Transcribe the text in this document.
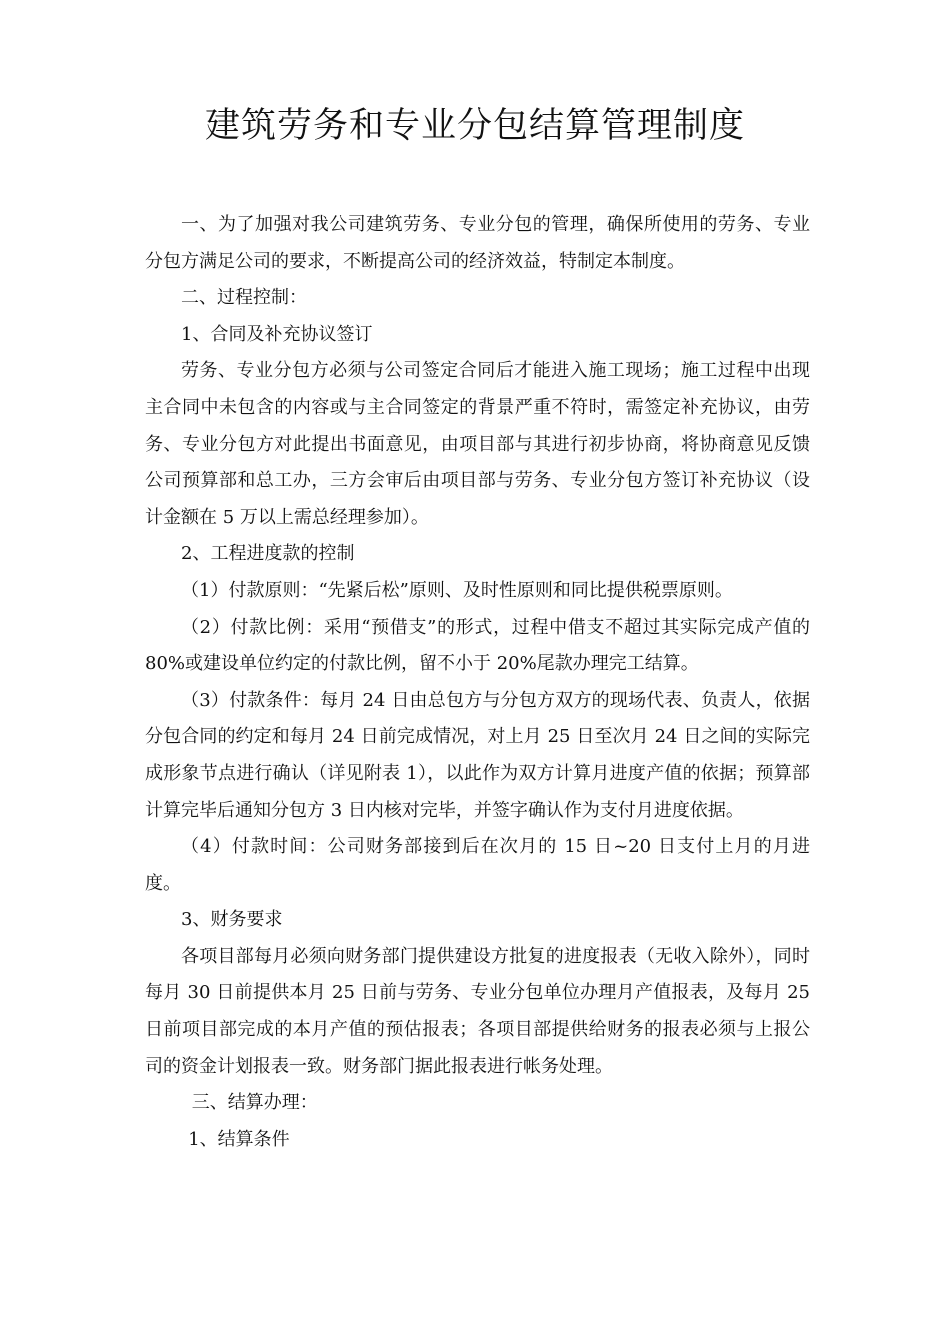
建筑劳务和专业分包结算管理制度

一、为了加强对我公司建筑劳务、专业分包的管理，确保所使用的劳务、专业分包方满足公司的要求，不断提高公司的经济效益，特制定本制度。

二、过程控制：

1、合同及补充协议签订

劳务、专业分包方必须与公司签定合同后才能进入施工现场；施工过程中出现主合同中未包含的内容或与主合同签定的背景严重不符时，需签定补充协议，由劳务、专业分包方对此提出书面意见，由项目部与其进行初步协商，将协商意见反馈公司预算部和总工办，三方会审后由项目部与劳务、专业分包方签订补充协议（设计金额在 5 万以上需总经理参加）。

2、工程进度款的控制

（1）付款原则：“先紧后松”原则、及时性原则和同比提供税票原则。

（2）付款比例：采用“预借支”的形式，过程中借支不超过其实际完成产值的 80%或建设单位约定的付款比例，留不小于 20%尾款办理完工结算。

（3）付款条件：每月 24 日由总包方与分包方双方的现场代表、负责人，依据分包合同的约定和每月 24 日前完成情况，对上月 25 日至次月 24 日之间的实际完成形象节点进行确认（详见附表 1），以此作为双方计算月进度产值的依据；预算部计算完毕后通知分包方 3 日内核对完毕，并签字确认作为支付月进度依据。

（4）付款时间：公司财务部接到后在次月的 15 日~20 日支付上月的月进度。

3、财务要求

各项目部每月必须向财务部门提供建设方批复的进度报表（无收入除外），同时每月 30 日前提供本月 25 日前与劳务、专业分包单位办理月产值报表，及每月 25 日前项目部完成的本月产值的预估报表；各项目部提供给财务的报表必须与上报公司的资金计划报表一致。财务部门据此报表进行帐务处理。

三、结算办理：

1、结算条件
